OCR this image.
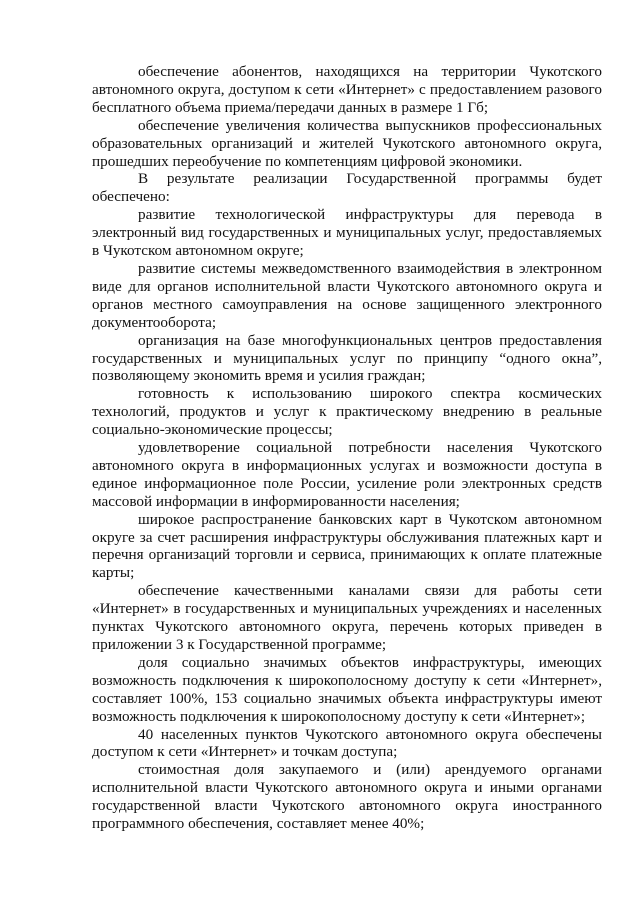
обеспечение абонентов, находящихся на территории Чукотского автономного округа, доступом к сети «Интернет» с предоставлением разового бесплатного объема приема/передачи данных в размере 1 Гб;

обеспечение увеличения количества выпускников профессиональных образовательных организаций и жителей Чукотского автономного округа, прошедших переобучение по компетенциям цифровой экономики.

В результате реализации Государственной программы будет обеспечено:

развитие технологической инфраструктуры для перевода в электронный вид государственных и муниципальных услуг, предоставляемых в Чукотском автономном округе;

развитие системы межведомственного взаимодействия в электронном виде для органов исполнительной власти Чукотского автономного округа и органов местного самоуправления на основе защищенного электронного документооборота;

организация на базе многофункциональных центров предоставления государственных и муниципальных услуг по принципу “одного окна”, позволяющему экономить время и усилия граждан;

готовность к использованию широкого спектра космических технологий, продуктов и услуг к практическому внедрению в реальные социально-экономические процессы;

удовлетворение социальной потребности населения Чукотского автономного округа в информационных услугах и возможности доступа в единое информационное поле России, усиление роли электронных средств массовой информации в информированности населения;

широкое распространение банковских карт в Чукотском автономном округе за счет расширения инфраструктуры обслуживания платежных карт и перечня организаций торговли и сервиса, принимающих к оплате платежные карты;

обеспечение качественными каналами связи для работы сети «Интернет» в государственных и муниципальных учреждениях и населенных пунктах Чукотского автономного округа, перечень которых приведен в приложении 3 к Государственной программе;

доля социально значимых объектов инфраструктуры, имеющих возможность подключения к широкополосному доступу к сети «Интернет», составляет 100%, 153 социально значимых объекта инфраструктуры имеют возможность подключения к широкополосному доступу к сети «Интернет»;

40 населенных пунктов Чукотского автономного округа обеспечены доступом к сети «Интернет» и точкам доступа;

стоимостная доля закупаемого и (или) арендуемого органами исполнительной власти Чукотского автономного округа и иными органами государственной власти Чукотского автономного округа иностранного программного обеспечения, составляет менее 40%;
